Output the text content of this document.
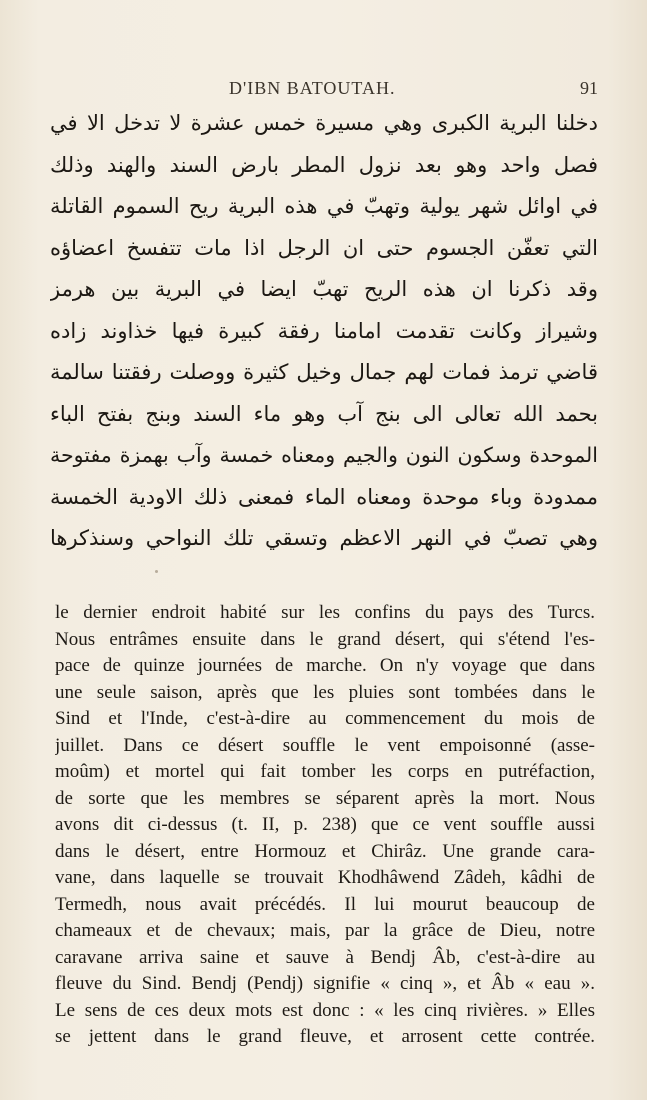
D'IBN BATOUTAH.	91
دخلنا البرية الكبرى وهي مسيرة خمس عشرة لا تدخل الا في
فصل واحد وهو بعد نزول المطر بارض السند والهند وذلك
في اوائل شهر يولية وتهبّ في هذه البرية ريح السموم القاتلة
التي تعفّن الجسوم حتى ان الرجل اذا مات تتفسخ اعضاؤه
وقد ذكرنا ان هذه الريح تهبّ ايضا في البرية بين هرمز
وشيراز وكانت تقدمت امامنا رفقة كبيرة فيها خذاوند زاده
قاضي ترمذ فمات لهم جمال وخيل كثيرة ووصلت رفقتنا سالمة
بحمد الله تعالى الى بنج آب وهو ماء السند وبنج بفتح الباء
الموحدة وسكون النون والجيم ومعناه خمسة وآب بهمزة مفتوحة
ممدودة وباء موحدة ومعناه الماء فمعنى ذلك الاودية الخمسة
وهي تصبّ في النهر الاعظم وتسقي تلك النواحي وسنذكرها
le dernier endroit habité sur les confins du pays des Turcs.
Nous entrâmes ensuite dans le grand désert, qui s'étend l'es-
pace de quinze journées de marche. On n'y voyage que dans
une seule saison, après que les pluies sont tombées dans le
Sind et l'Inde, c'est-à-dire au commencement du mois de
juillet. Dans ce désert souffle le vent empoisonné (asse-
moûm) et mortel qui fait tomber les corps en putréfaction,
de sorte que les membres se séparent après la mort. Nous
avons dit ci-dessus (t. II, p. 238) que ce vent souffle aussi
dans le désert, entre Hormouz et Chirâz. Une grande cara-
vane, dans laquelle se trouvait Khodhâwend Zâdeh, kâdhi de
Termedh, nous avait précédés. Il lui mourut beaucoup de
chameaux et de chevaux; mais, par la grâce de Dieu, notre
caravane arriva saine et sauve à Bendj Âb, c'est-à-dire au
fleuve du Sind. Bendj (Pendj) signifie « cinq », et Âb « eau ».
Le sens de ces deux mots est donc : « les cinq rivières. » Elles
se jettent dans le grand fleuve, et arrosent cette contrée.
